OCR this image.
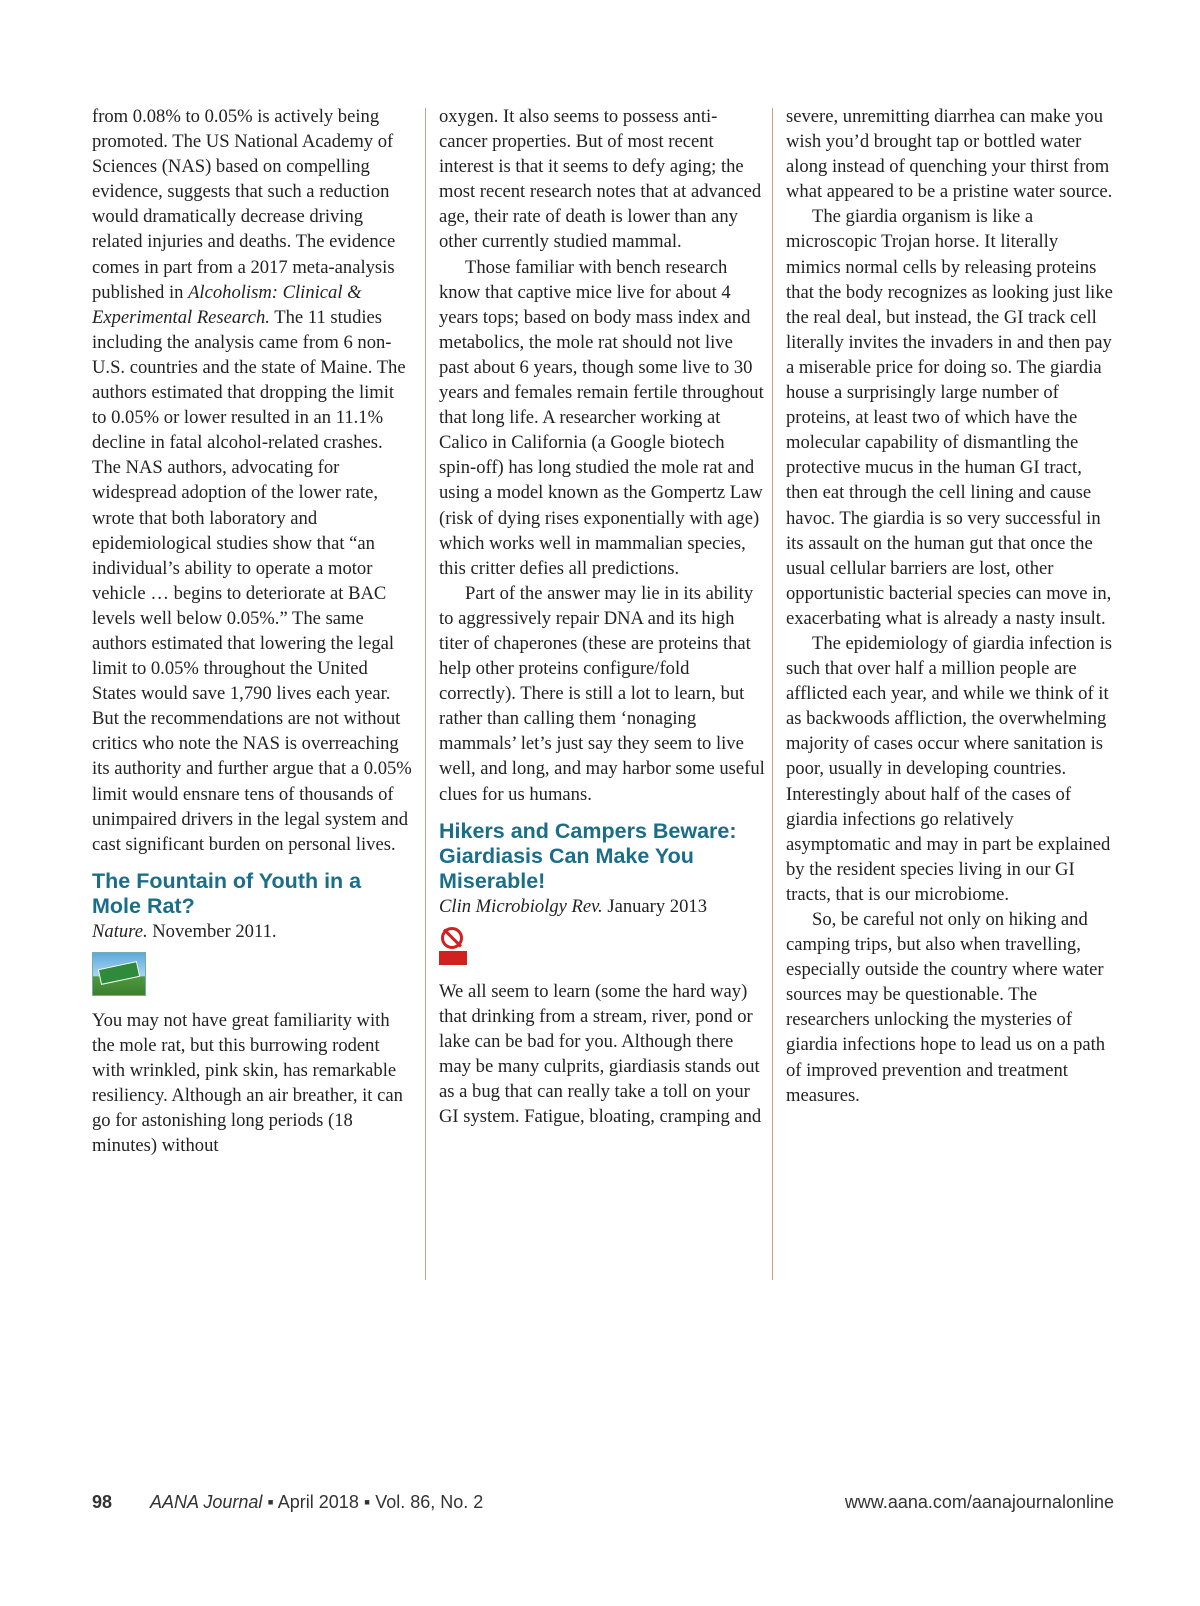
from 0.08% to 0.05% is actively being promoted. The US National Academy of Sciences (NAS) based on compelling evidence, suggests that such a reduction would dramatically decrease driving related injuries and deaths. The evidence comes in part from a 2017 meta-analysis published in Alcoholism: Clinical & Experimental Research. The 11 studies including the analysis came from 6 non-U.S. countries and the state of Maine. The authors estimated that dropping the limit to 0.05% or lower resulted in an 11.1% decline in fatal alcohol-related crashes. The NAS authors, advocating for widespread adoption of the lower rate, wrote that both laboratory and epidemiological studies show that “an individual’s ability to operate a motor vehicle … begins to deteriorate at BAC levels well below 0.05%.” The same authors estimated that lowering the legal limit to 0.05% throughout the United States would save 1,790 lives each year. But the recommendations are not without critics who note the NAS is overreaching its authority and further argue that a 0.05% limit would ensnare tens of thousands of unimpaired drivers in the legal system and cast significant burden on personal lives.

The Fountain of Youth in a Mole Rat?
Nature. November 2011.

You may not have great familiarity with the mole rat, but this burrowing rodent with wrinkled, pink skin, has remarkable resiliency. Although an air breather, it can go for astonishing long periods (18 minutes) without

oxygen. It also seems to possess anti-cancer properties. But of most recent interest is that it seems to defy aging; the most recent research notes that at advanced age, their rate of death is lower than any other currently studied mammal.

Those familiar with bench research know that captive mice live for about 4 years tops; based on body mass index and metabolics, the mole rat should not live past about 6 years, though some live to 30 years and females remain fertile throughout that long life. A researcher working at Calico in California (a Google biotech spin-off) has long studied the mole rat and using a model known as the Gompertz Law (risk of dying rises exponentially with age) which works well in mammalian species, this critter defies all predictions.

Part of the answer may lie in its ability to aggressively repair DNA and its high titer of chaperones (these are proteins that help other proteins configure/fold correctly). There is still a lot to learn, but rather than calling them ‘nonaging mammals’ let’s just say they seem to live well, and long, and may harbor some useful clues for us humans.

Hikers and Campers Beware: Giardiasis Can Make You Miserable!
Clin Microbiolgy Rev. January 2013

We all seem to learn (some the hard way) that drinking from a stream, river, pond or lake can be bad for you. Although there may be many culprits, giardiasis stands out as a bug that can really take a toll on your GI system. Fatigue, bloating, cramping and

severe, unremitting diarrhea can make you wish you’d brought tap or bottled water along instead of quenching your thirst from what appeared to be a pristine water source.

The giardia organism is like a microscopic Trojan horse. It literally mimics normal cells by releasing proteins that the body recognizes as looking just like the real deal, but instead, the GI track cell literally invites the invaders in and then pay a miserable price for doing so. The giardia house a surprisingly large number of proteins, at least two of which have the molecular capability of dismantling the protective mucus in the human GI tract, then eat through the cell lining and cause havoc. The giardia is so very successful in its assault on the human gut that once the usual cellular barriers are lost, other opportunistic bacterial species can move in, exacerbating what is already a nasty insult.

The epidemiology of giardia infection is such that over half a million people are afflicted each year, and while we think of it as backwoods affliction, the overwhelming majority of cases occur where sanitation is poor, usually in developing countries. Interestingly about half of the cases of giardia infections go relatively asymptomatic and may in part be explained by the resident species living in our GI tracts, that is our microbiome.

So, be careful not only on hiking and camping trips, but also when travelling, especially outside the country where water sources may be questionable. The researchers unlocking the mysteries of giardia infections hope to lead us on a path of improved prevention and treatment measures.

98 AANA Journal ▪ April 2018 ▪ Vol. 86, No. 2	www.aana.com/aanajournalonline
